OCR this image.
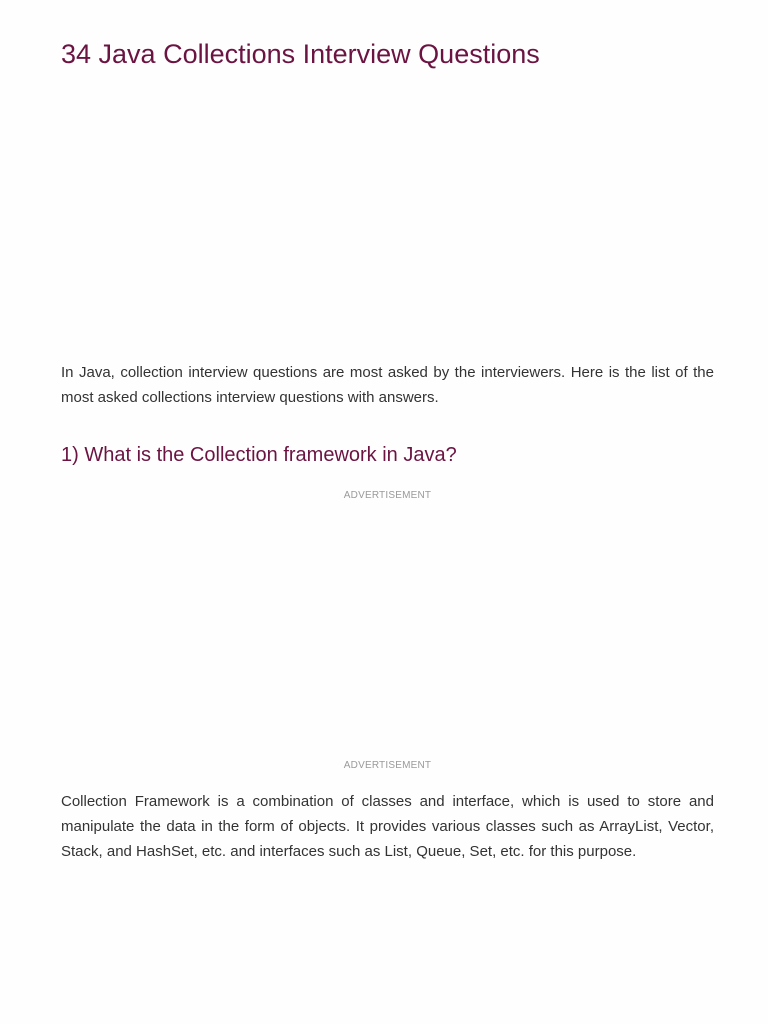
34 Java Collections Interview Questions

In Java, collection interview questions are most asked by the interviewers. Here is the list of the most asked collections interview questions with answers.

1) What is the Collection framework in Java?
ADVERTISEMENT
ADVERTISEMENT

Collection Framework is a combination of classes and interface, which is used to store and manipulate the data in the form of objects. It provides various classes such as ArrayList, Vector, Stack, and HashSet, etc. and interfaces such as List, Queue, Set, etc. for this purpose.
